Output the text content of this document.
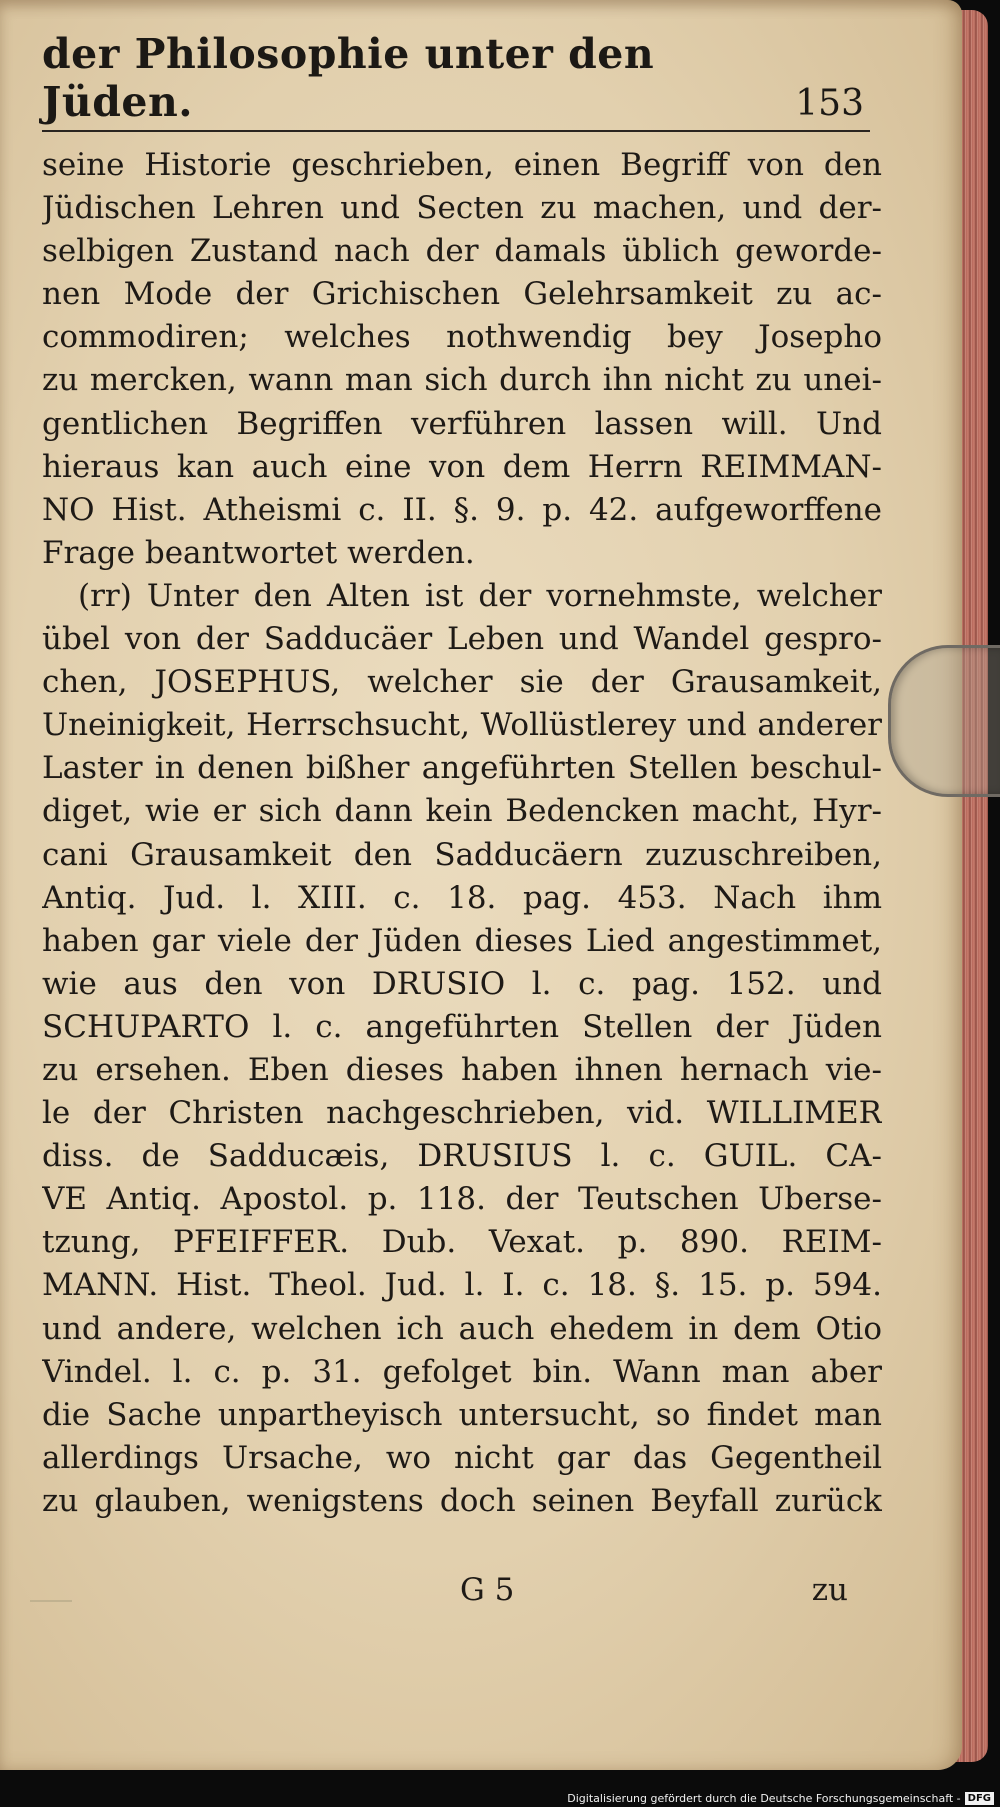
der Philosophie unter den Jüden.	153
seine Historie geschrieben, einen Begriff von den
Jüdischen Lehren und Secten zu machen, und der-
selbigen Zustand nach der damals üblich geworde-
nen Mode der Grichischen Gelehrsamkeit zu ac-
commodiren; welches nothwendig bey Josepho
zu mercken, wann man sich durch ihn nicht zu unei-
gentlichen Begriffen verführen lassen will. Und
hieraus kan auch eine von dem Herrn REIMMAN-
NO Hist. Atheismi c. II. §. 9. p. 42. aufgeworffene
Frage beantwortet werden.
(rr) Unter den Alten ist der vornehmste, welcher
übel von der Sadducäer Leben und Wandel gespro-
chen, JOSEPHUS, welcher sie der Grausamkeit,
Uneinigkeit, Herrschsucht, Wollüstlerey und anderer
Laster in denen bißher angeführten Stellen beschul-
diget, wie er sich dann kein Bedencken macht, Hyr-
cani Grausamkeit den Sadducäern zuzuschreiben,
Antiq. Jud. l. XIII. c. 18. pag. 453. Nach ihm
haben gar viele der Jüden dieses Lied angestimmet,
wie aus den von DRUSIO l. c. pag. 152. und
SCHUPARTO l. c. angeführten Stellen der Jüden
zu ersehen. Eben dieses haben ihnen hernach vie-
le der Christen nachgeschrieben, vid. WILLIMER
diss. de Sadducæis, DRUSIUS l. c. GUIL. CA-
VE Antiq. Apostol. p. 118. der Teutschen Uberse-
tzung, PFEIFFER. Dub. Vexat. p. 890. REIM-
MANN. Hist. Theol. Jud. l. I. c. 18. §. 15. p. 594.
und andere, welchen ich auch ehedem in dem Otio
Vindel. l. c. p. 31. gefolget bin. Wann man aber
die Sache unpartheyisch untersucht, so findet man
allerdings Ursache, wo nicht gar das Gegentheil
zu glauben, wenigstens doch seinen Beyfall zurück
G 5	zu
Digitalisierung gefördert durch die Deutsche Forschungsgemeinschaft - DFG
